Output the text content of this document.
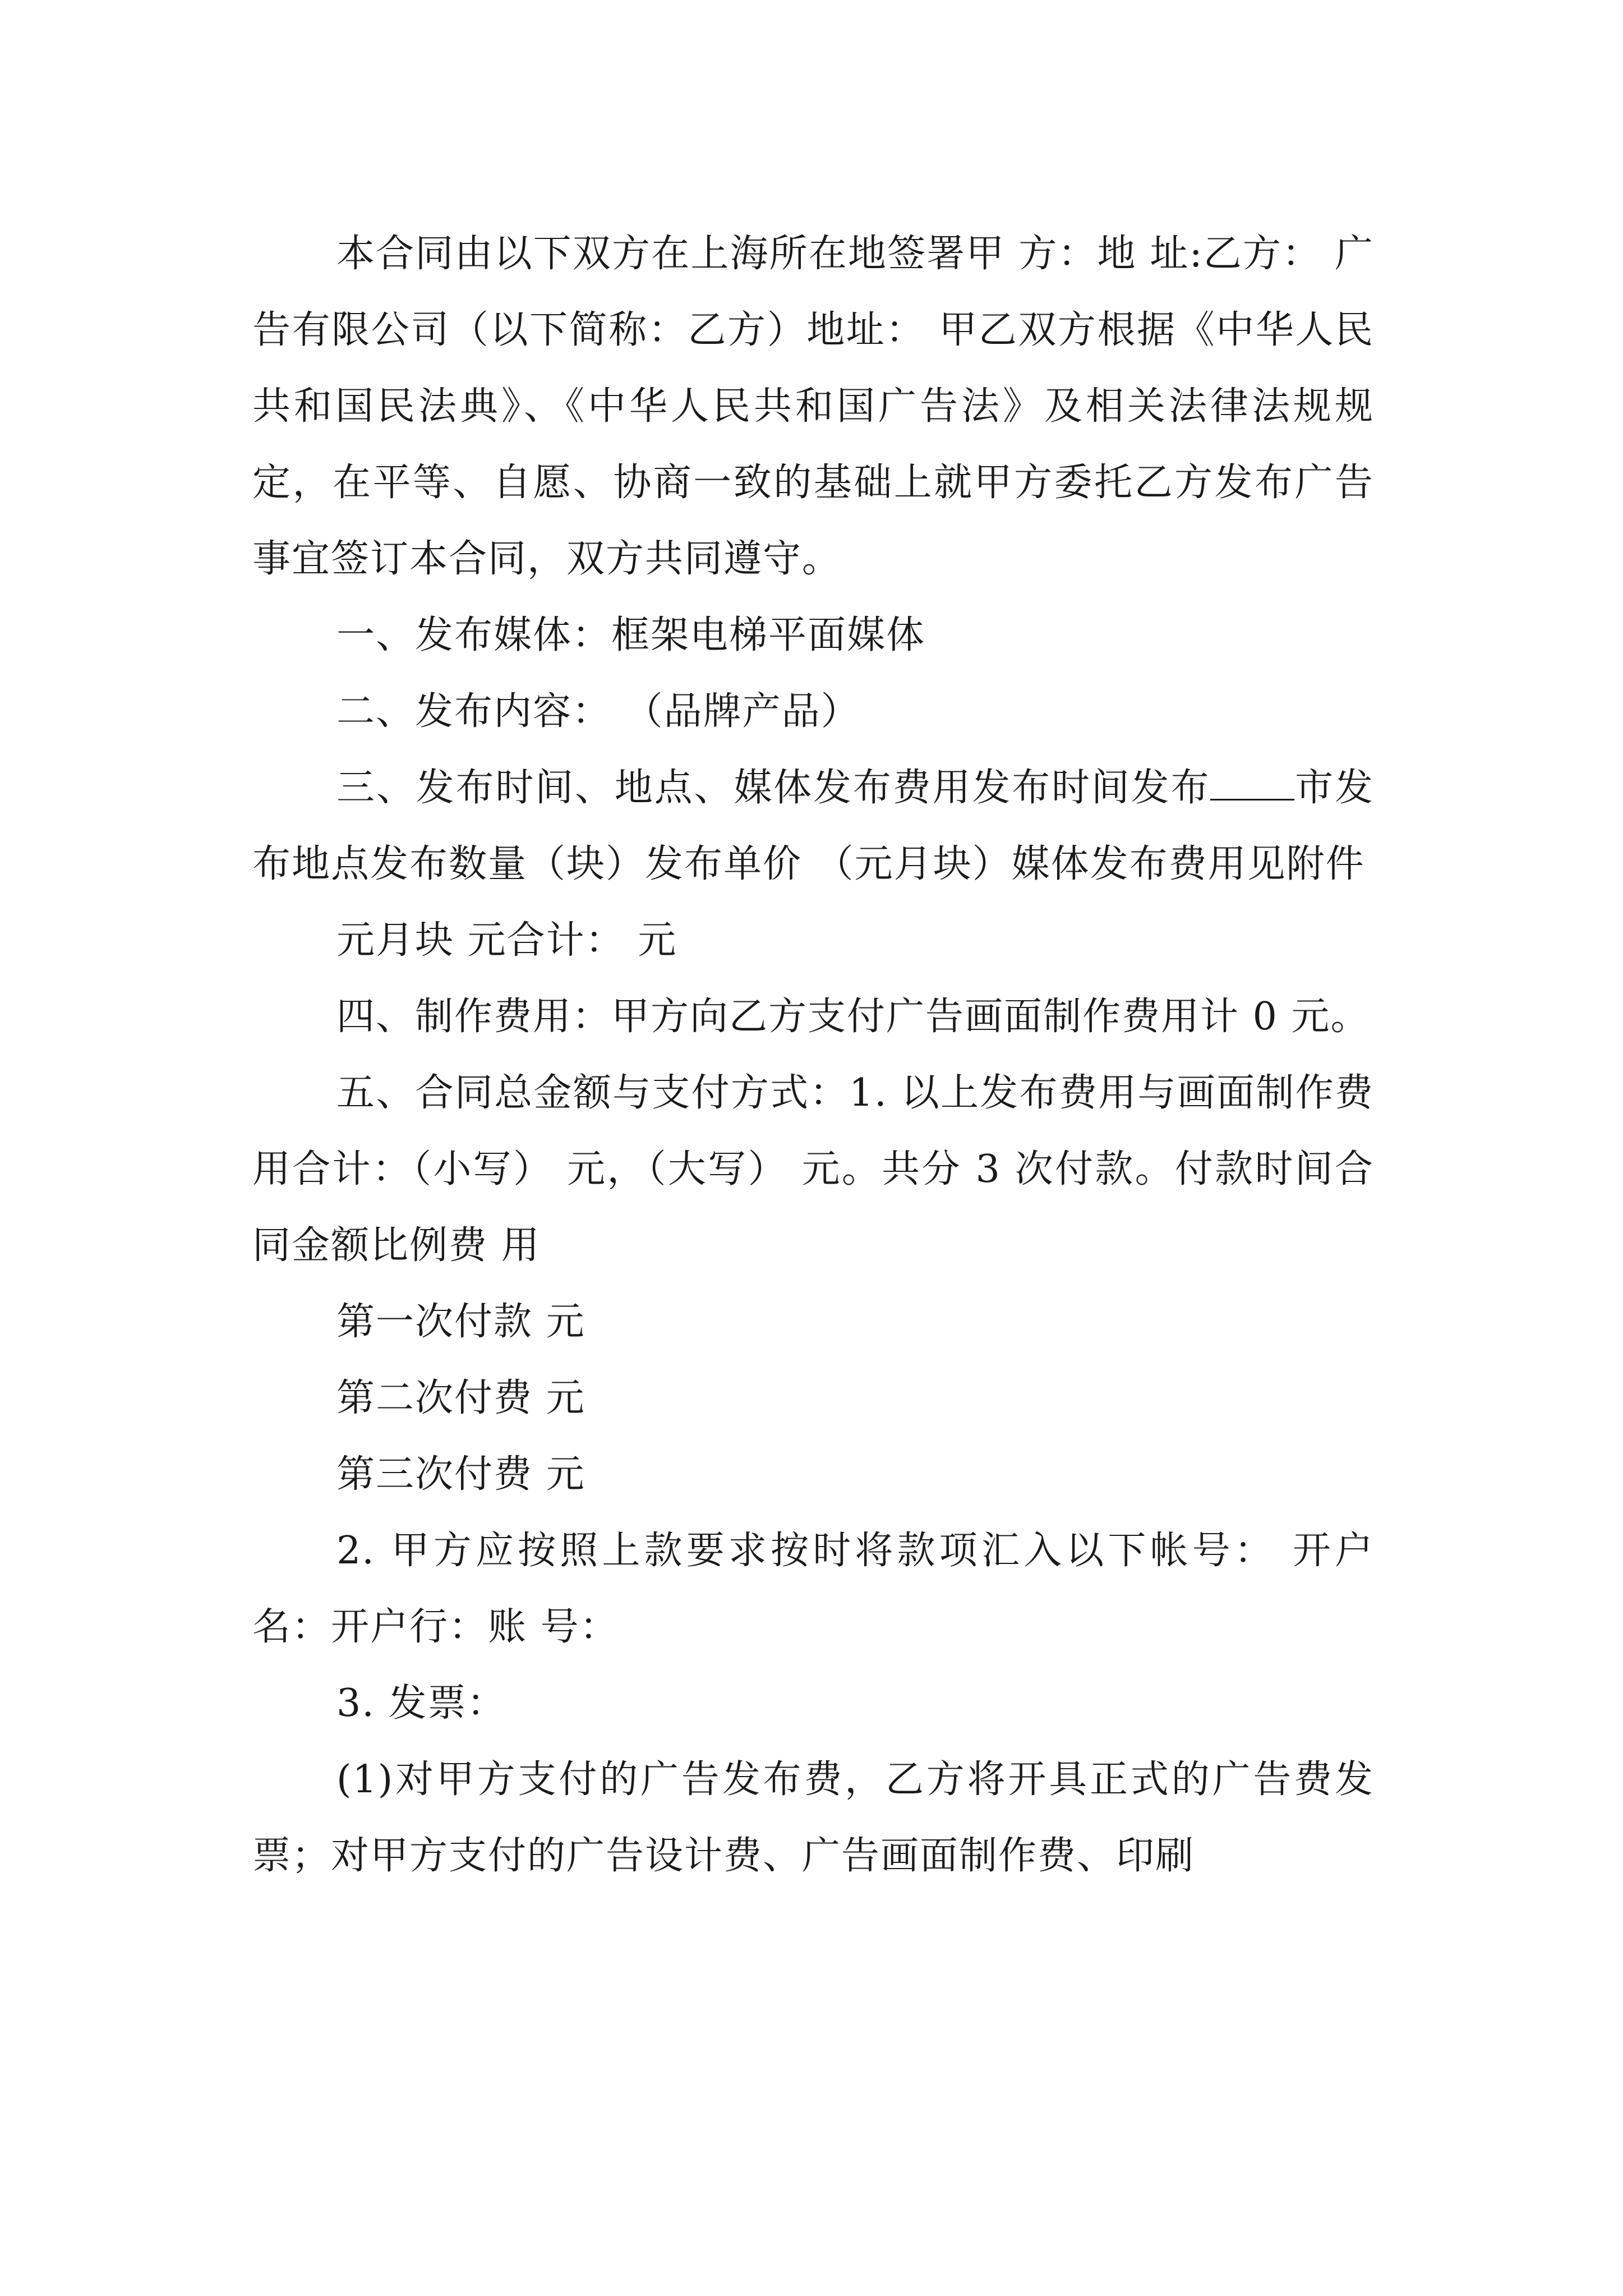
本合同由以下双方在上海所在地签署甲 方：地 址:乙方： 广告有限公司（以下简称：乙方）地址： 甲乙双方根据《中华人民共和国民法典》、《中华人民共和国广告法》及相关法律法规规定，在平等、自愿、协商一致的基础上就甲方委托乙方发布广告事宜签订本合同，双方共同遵守。

一、发布媒体：框架电梯平面媒体

二、发布内容： （品牌产品）

三、发布时间、地点、媒体发布费用发布时间发布 市发布地点发布数量（块）发布单价 （元月块）媒体发布费用见附件

元月块 元合计： 元

四、制作费用：甲方向乙方支付广告画面制作费用计 0 元。

五、合同总金额与支付方式：1. 以上发布费用与画面制作费用合计：（小写） 元，（大写） 元。共分 3 次付款。付款时间合同金额比例费 用

第一次付款 元

第二次付费 元

第三次付费 元

2. 甲方应按照上款要求按时将款项汇入以下帐号： 开户名：开户行：账 号：

3. 发票：

(1)对甲方支付的广告发布费，乙方将开具正式的广告费发票；对甲方支付的广告设计费、广告画面制作费、印刷
